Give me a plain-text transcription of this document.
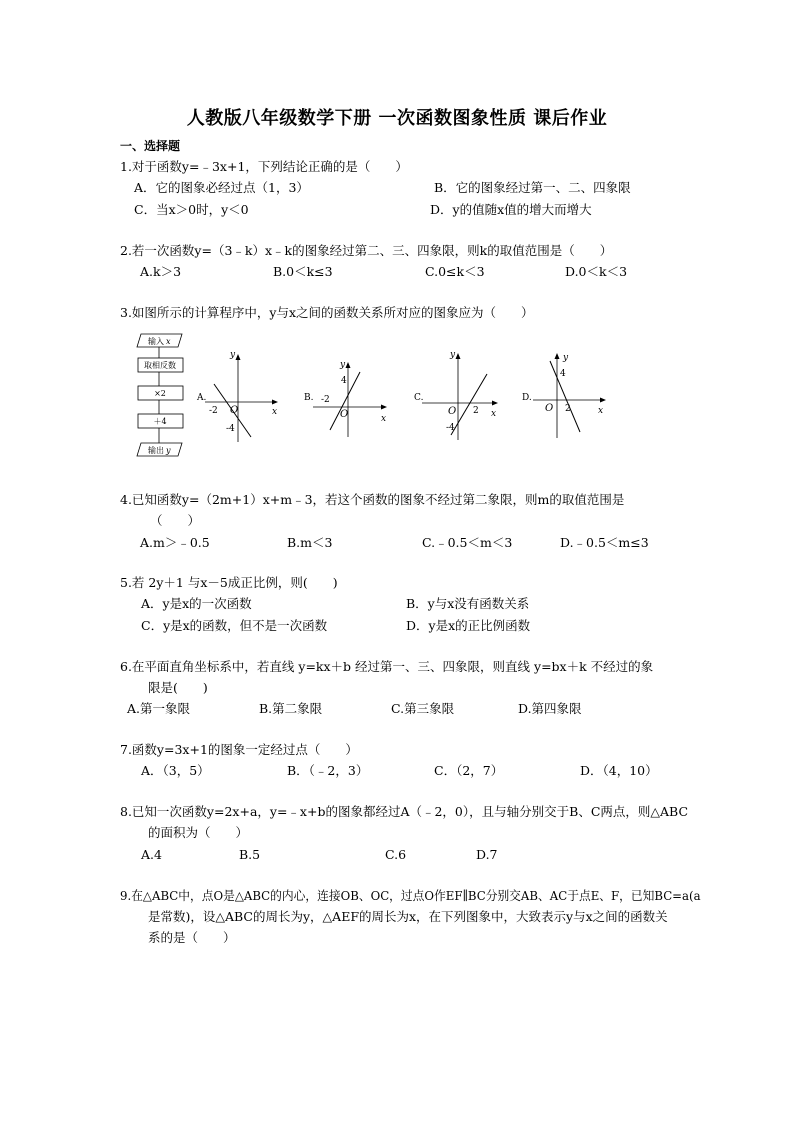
人教版八年级数学下册 一次函数图象性质 课后作业
一、选择题
1.对于函数y=﹣3x+1，下列结论正确的是（　　）
A．它的图象必经过点（1，3）	B．它的图象经过第一、二、四象限
C．当x＞0时，y＜0	D．y的值随x值的增大而增大
2.若一次函数y=（3﹣k）x﹣k的图象经过第二、三、四象限，则k的取值范围是（　　）
A.k＞3	B.0＜k≤3	C.0≤k＜3	D.0＜k＜3
3.如图所示的计算程序中，y与x之间的函数关系所对应的图象应为（　　）
输入 x
取相反数
×2
＋4
输出 y
A.
y
x
O
-2
-4
B.
y
x
O
4
-2	C.
y
x
O 2
-4
D.
y
x
O
4
2
4.已知函数y=（2m+1）x+m﹣3，若这个函数的图象不经过第二象限，则m的取值范围是
（　　）
A.m＞﹣0.5	B.m＜3	C.﹣0.5＜m＜3	D.﹣0.5＜m≤3
5.若 2y＋1 与x－5成正比例，则(　　)
A．y是x的一次函数	B．y与x没有函数关系
C．y是x的函数，但不是一次函数	D．y是x的正比例函数
6.在平面直角坐标系中，若直线 y=kx＋b 经过第一、三、四象限，则直线 y=bx＋k 不经过的象
限是(　　)
A.第一象限	B.第二象限	C.第三象限	D.第四象限
7.函数y=3x+1的图象一定经过点（　　）
A．（3，5）	B．（﹣2，3）	C．（2，7）	D．（4，10）
8.已知一次函数y=2x+a，y=﹣x+b的图象都经过A（﹣2，0），且与轴分别交于B、C两点，则△ABC
的面积为（　　）
A.4	B.5	C.6	D.7
9.在△ABC中，点O是△ABC的内心，连接OB、OC，过点O作EF∥BC分别交AB、AC于点E、F，已知BC=a(a
是常数)，设△ABC的周长为y，△AEF的周长为x，在下列图象中，大致表示y与x之间的函数关
系的是（　　）
